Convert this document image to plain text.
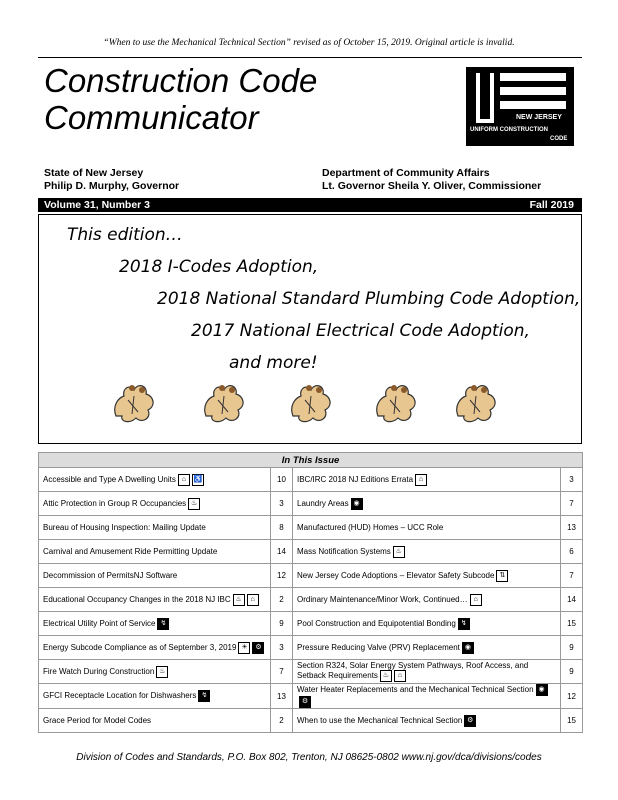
“When to use the Mechanical Technical Section” revised as of October 15, 2019. Original article is invalid.
Construction Code
Communicator	NEW JERSEY
UNIFORM CONSTRUCTION
CODE
State of New Jersey
Philip D. Murphy, Governor
Department of Community Affairs
Lt. Governor Sheila Y. Oliver, Commissioner
Volume 31, Number 3	Fall 2019
This edition…
2018 I-Codes Adoption,
2018 National Standard Plumbing Code Adoption,
2017 National Electrical Code Adoption,
and more!
In This Issue			
Accessible and Type A Dwelling Units ⌂ ♿	10	IBC/IRC 2018 NJ Editions Errata ⌂	3
Attic Protection in Group R Occupancies ♨	3	Laundry Areas ◉	7
Bureau of Housing Inspection: Mailing Update	8	Manufactured (HUD) Homes – UCC Role	13
Carnival and Amusement Ride Permitting Update	14	Mass Notification Systems ♨	6
Decommission of PermitsNJ Software	12	New Jersey Code Adoptions – Elevator Safety Subcode ⇅	7
Educational Occupancy Changes in the 2018 NJ IBC ♨ ⌂	2	Ordinary Maintenance/Minor Work, Continued… ⌂	14
Electrical Utility Point of Service ↯	9	Pool Construction and Equipotential Bonding ↯	15
Energy Subcode Compliance as of September 3, 2019 ☀ ⚙	3	Pressure Reducing Valve (PRV) Replacement ◉	9
Fire Watch During Construction ♨	7	Section R324, Solar Energy System Pathways, Roof Access, and Setback Requirements ♨ ⌂	9
GFCI Receptacle Location for Dishwashers ↯	13	Water Heater Replacements and the Mechanical Technical Section ◉⚙	12
Grace Period for Model Codes	2	When to use the Mechanical Technical Section ⚙	15
Division of Codes and Standards, P.O. Box 802, Trenton, NJ 08625-0802 www.nj.gov/dca/divisions/codes
